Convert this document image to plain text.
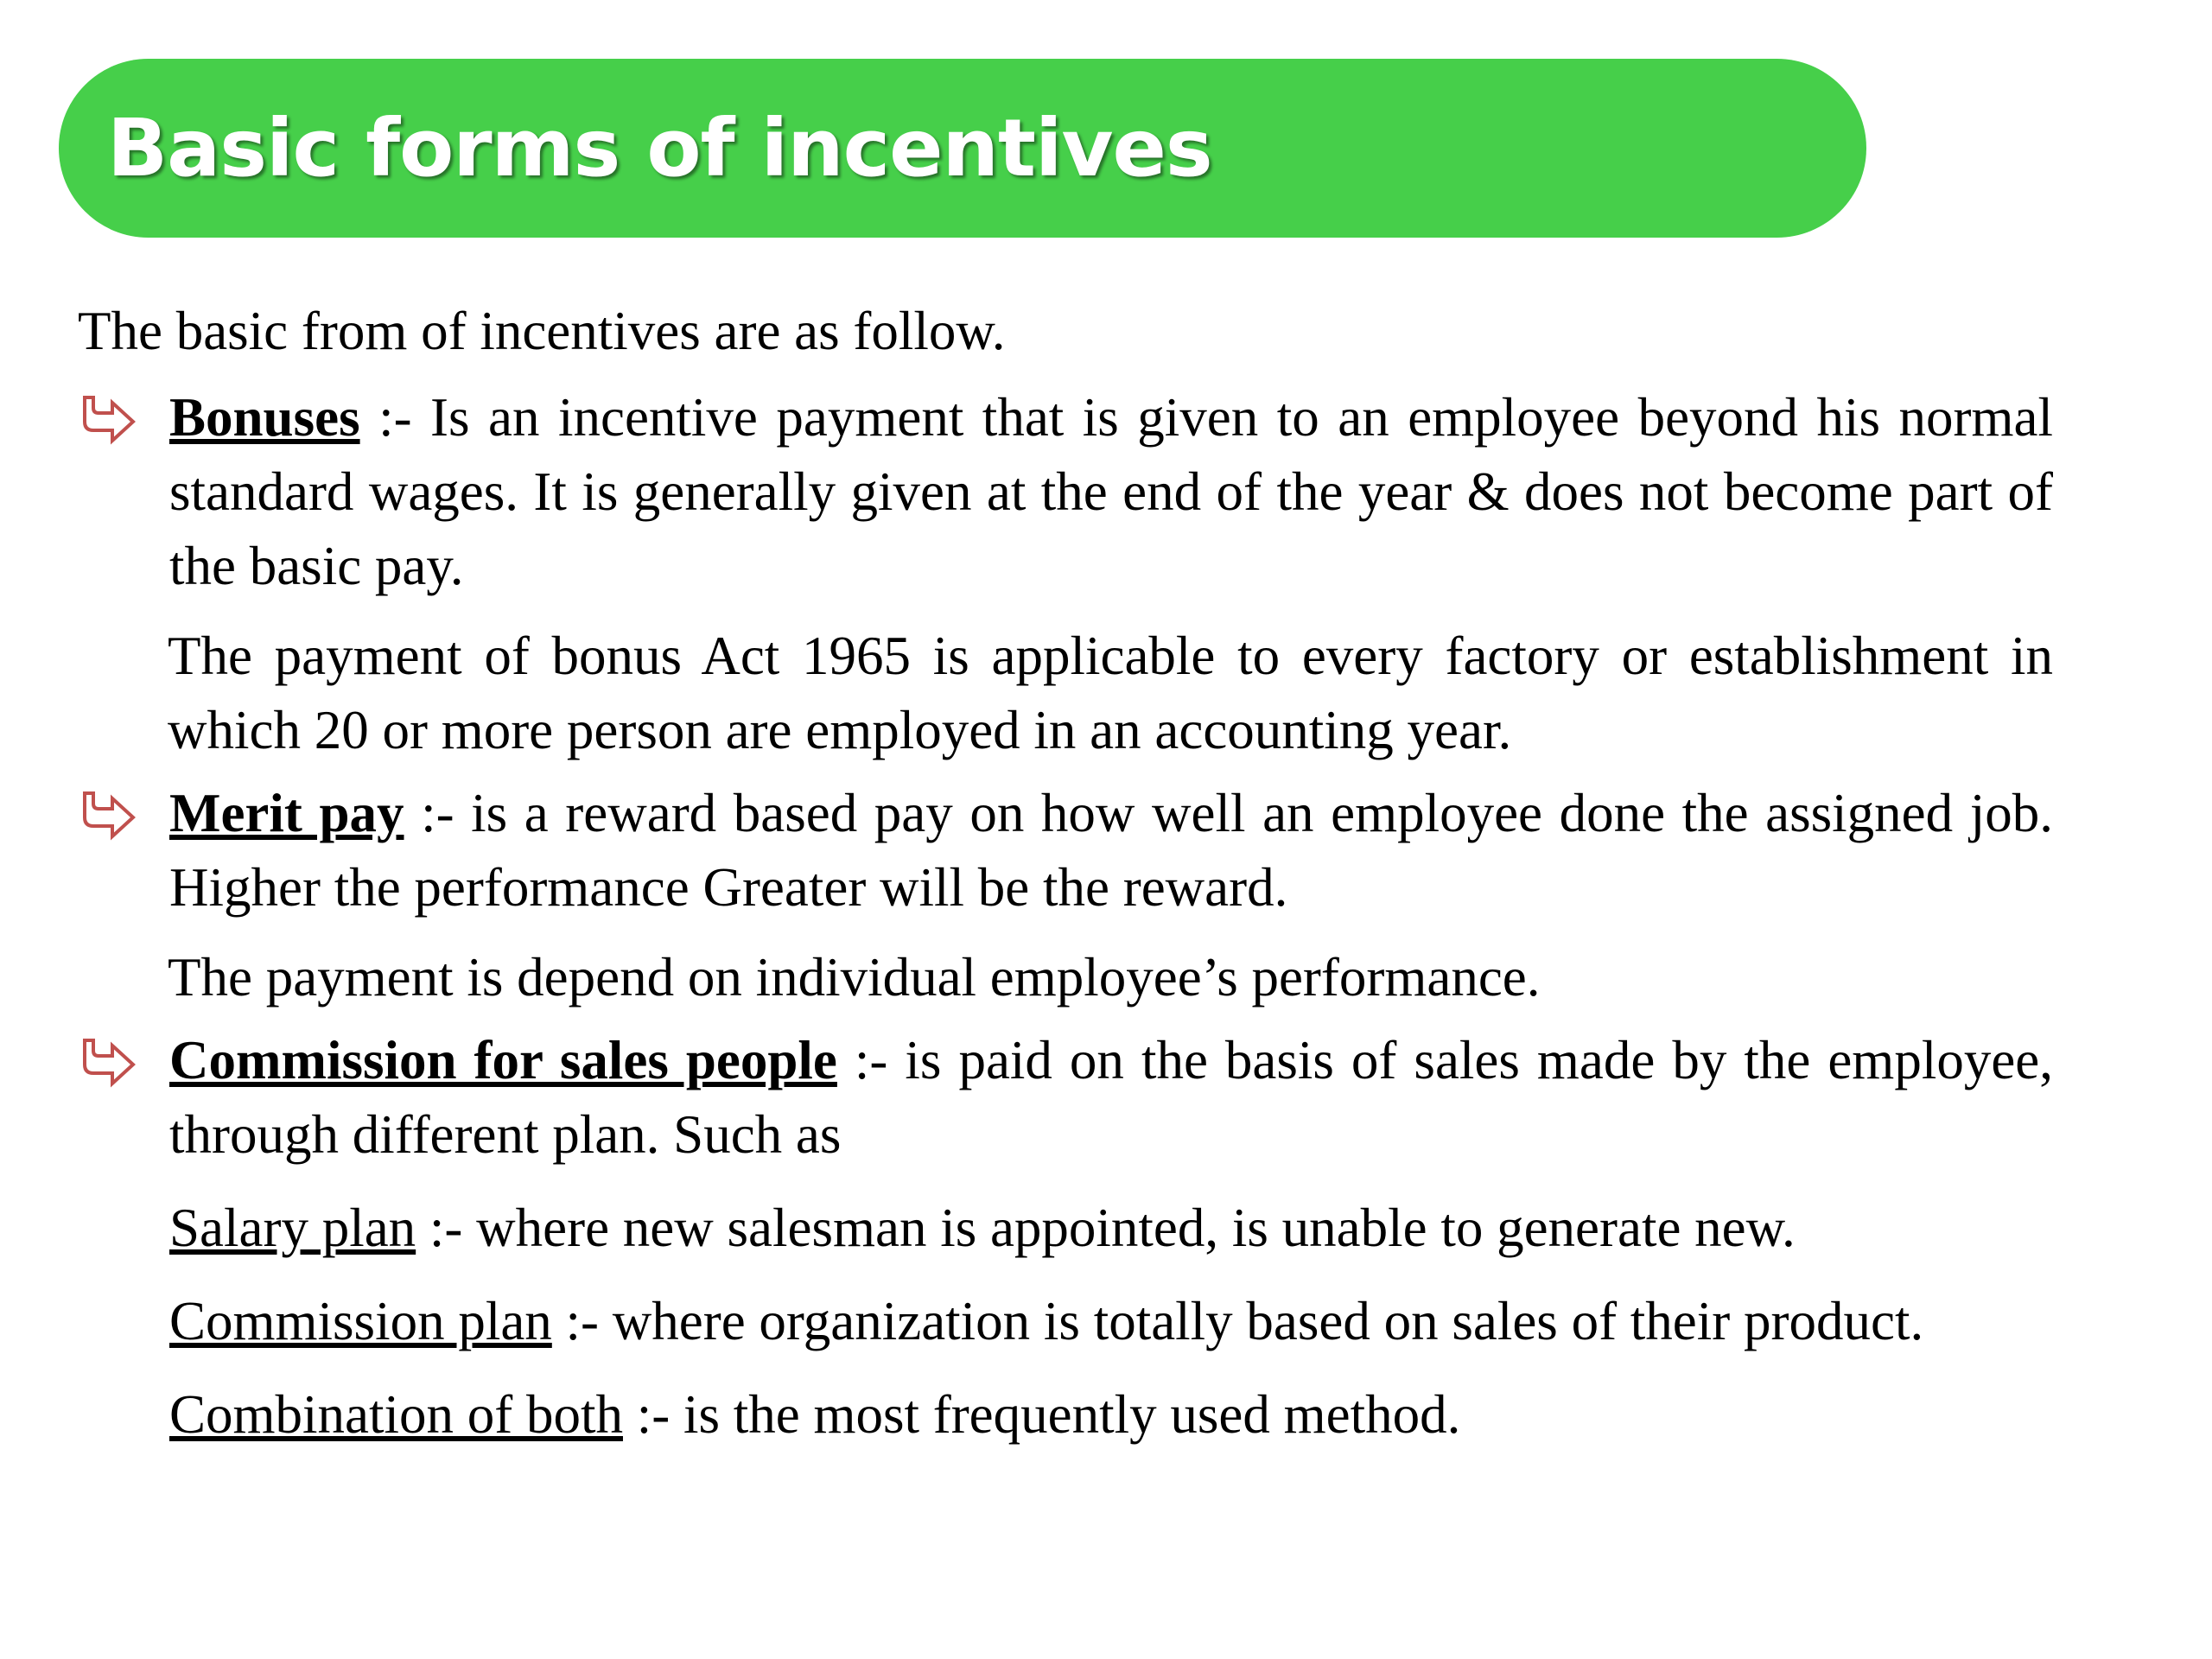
Basic forms of incentives

The basic from of incentives are as follow.

Bonuses :- Is an incentive payment that is given to an employee beyond his normal standard wages. It is generally given at the end of the year & does not become part of the basic pay.

The payment of bonus Act 1965 is applicable to every factory or establishment in which 20 or more person are employed in an accounting year.

Merit pay :- is a reward based pay on how well an employee done the assigned job. Higher the performance Greater will be the reward.

The payment is depend on individual employee’s performance.

Commission for sales people :- is paid on the basis of sales made by the employee, through different plan. Such as

Salary plan :- where new salesman is appointed, is unable to generate new.

Commission plan :- where organization is totally based on sales of their product.

Combination of both :- is the most frequently used method.
